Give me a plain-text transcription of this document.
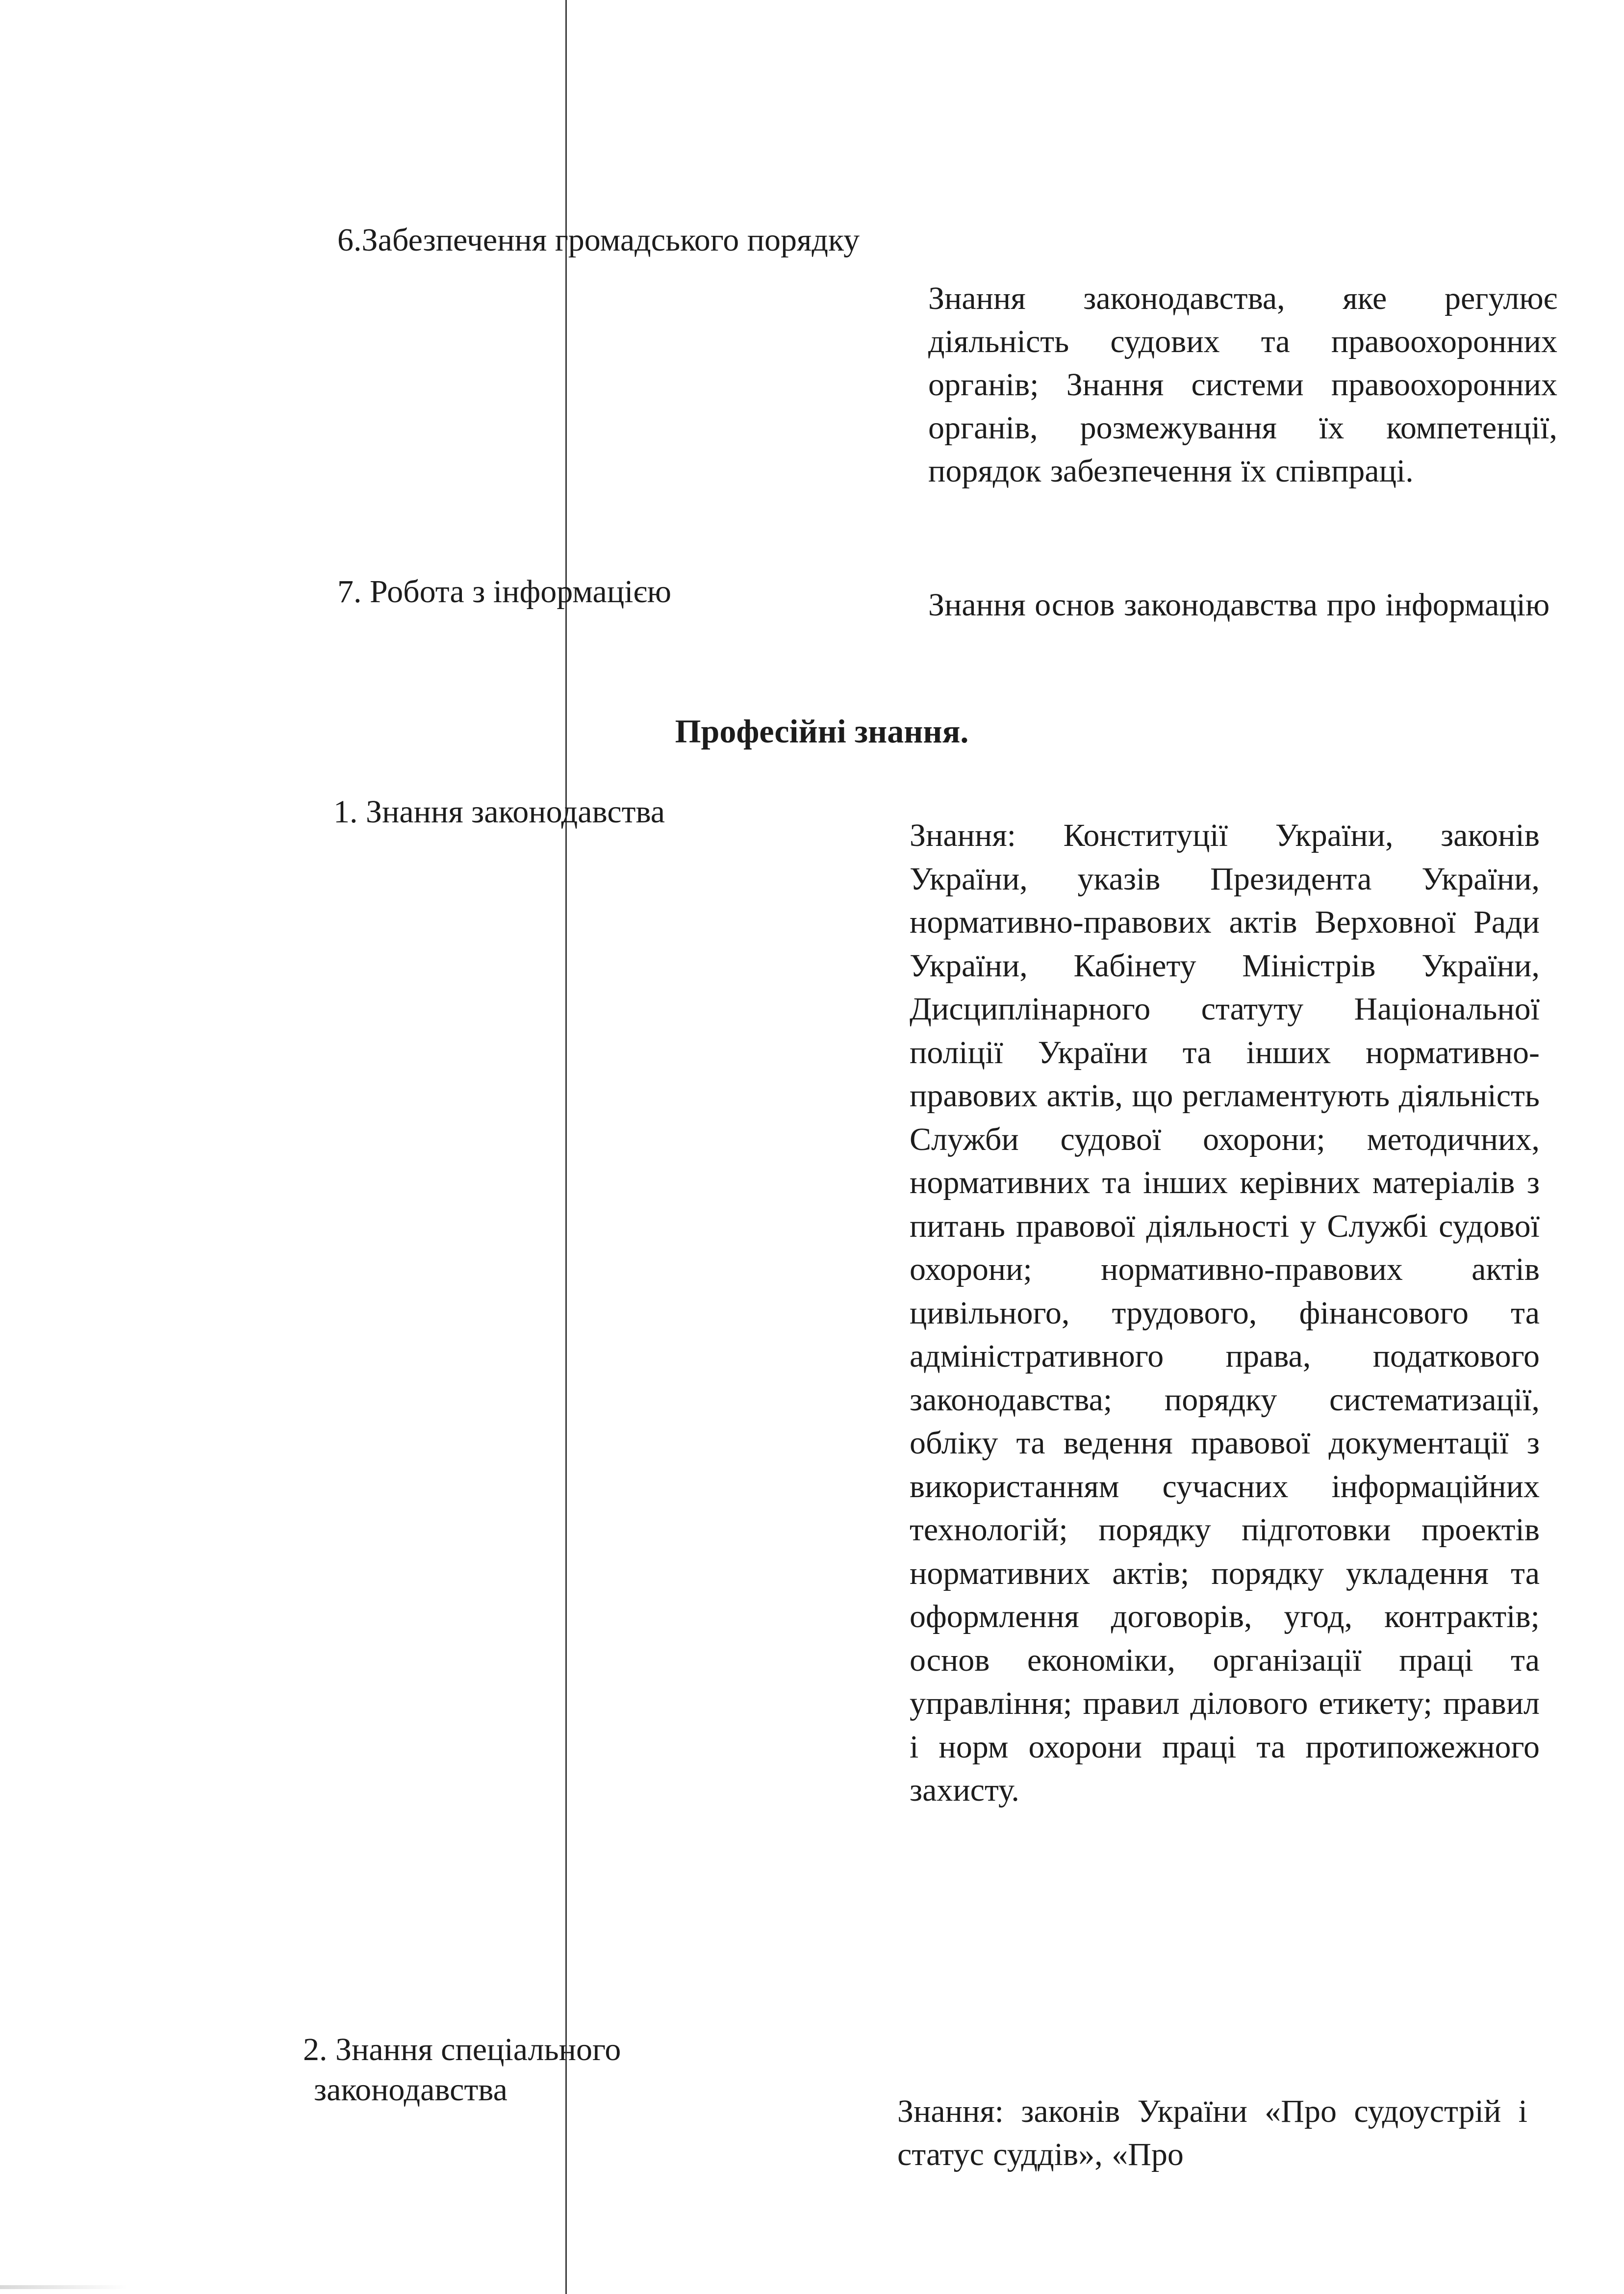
6.Забезпечення громадського порядку
Знання законодавства, яке регулює діяльність судових та правоохоронних органів; Знання системи правоохоронних органів, розмежування їх компетенції, порядок забезпечення їх співпраці.
7. Робота з інформацією	Знання основ законодавства про інформацію
Професійні знання.
1. Знання законодавства
Знання: Конституції України, законів України, указів Президента України, нормативно-правових актів Верховної Ради України, Кабінету Міністрів України, Дисциплінарного статуту Національної поліції України та інших нормативно-правових актів, що регламентують діяльність Служби судової охорони; методичних, нормативних та інших керівних матеріалів з питань правової діяльності у Службі судової охорони; нормативно-правових актів цивільного, трудового, фінансового та адміністративного права, податкового законодавства; порядку систематизації, обліку та ведення правової документації з використанням сучасних інформаційних технологій; порядку підготовки проектів нормативних актів; порядку укладення та оформлення договорів, угод, контрактів; основ економіки, організації праці та управління; правил ділового етикету; правил і норм охорони праці та протипожежного захисту.
2. Знання спеціального
законодавства
Знання: законів України «Про судоустрій і статус суддів», «Про
